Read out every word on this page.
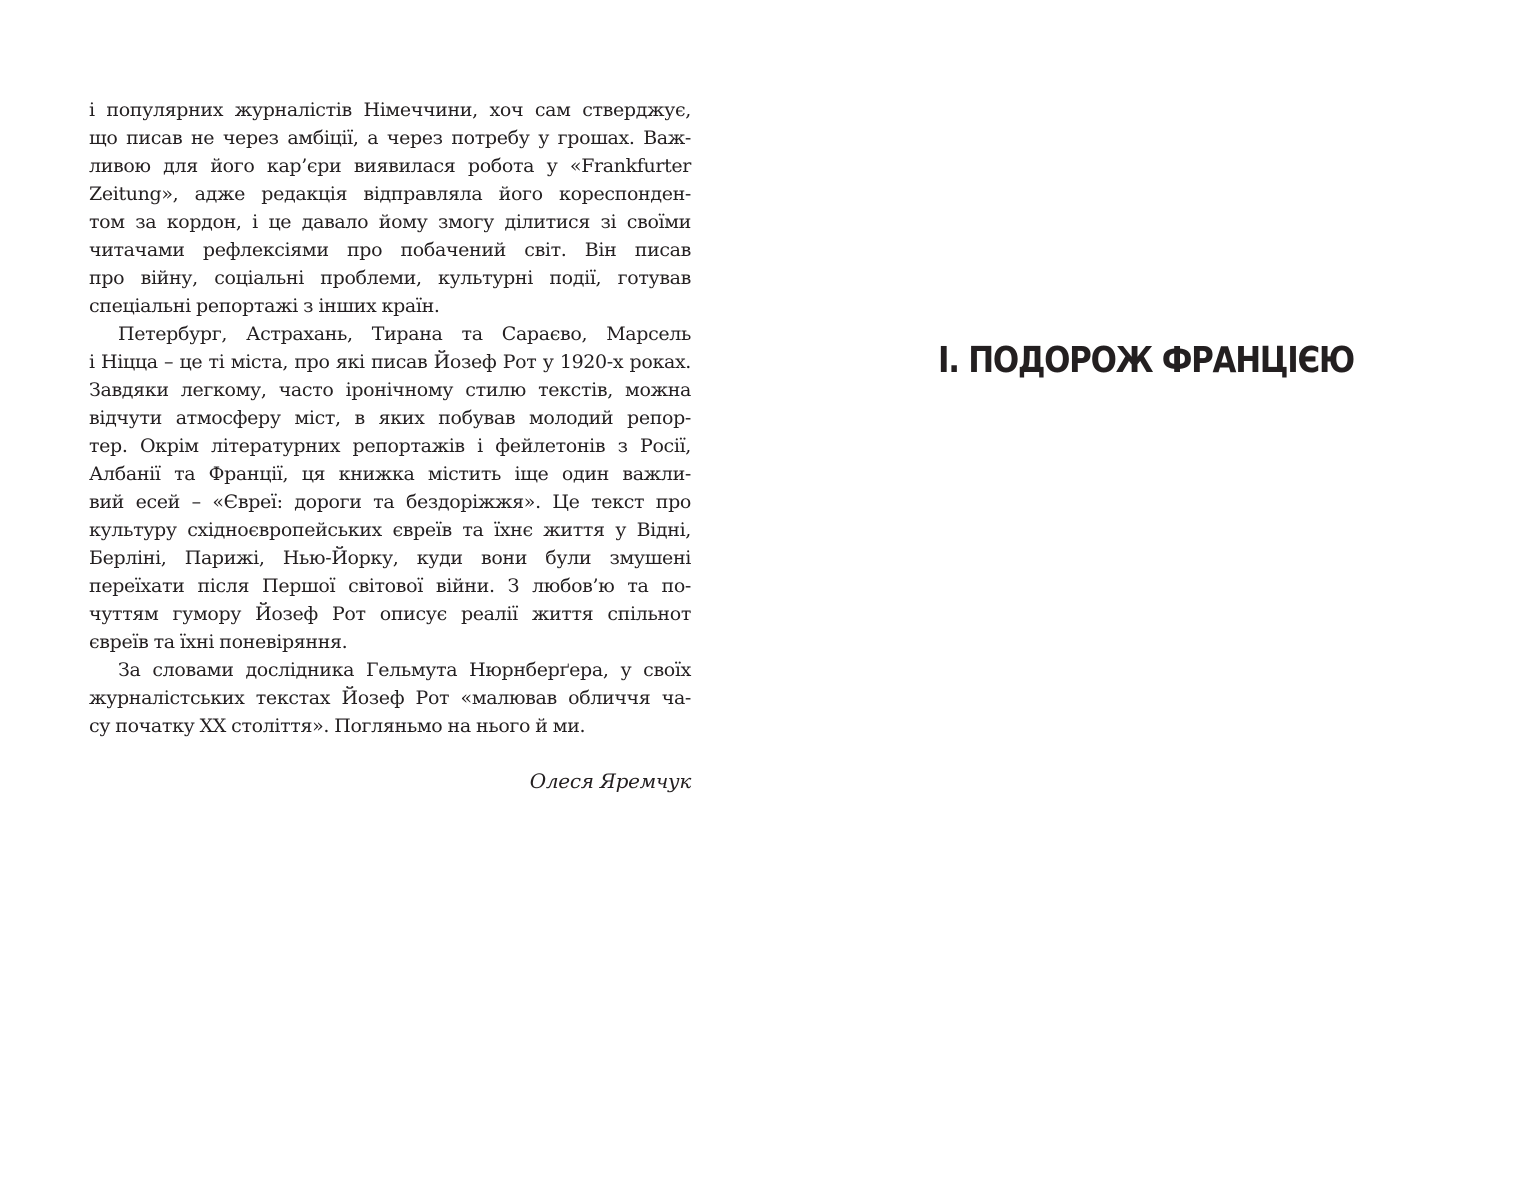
і популярних журналістів Німеччини, хоч сам стверджує,
що писав не через амбіції, а через потребу у грошах. Важ-
ливою для його кар’єри виявилася робота у «Frankfurter
Zeitung», адже редакція відправляла його кореспонден-
том за кордон, і це давало йому змогу ділитися зі своїми
читачами рефлексіями про побачений світ. Він писав
про війну, соціальні проблеми, культурні події, готував
спеціальні репортажі з інших країн.
Петербург, Астрахань, Тирана та Сараєво, Марсель
і Ніцца – це ті міста, про які писав Йозеф Рот у 1920-х роках.
Завдяки легкому, часто іронічному стилю текстів, можна
відчути атмосферу міст, в яких побував молодий репор-
тер. Окрім літературних репортажів і фейлетонів з Росії,
Албанії та Франції, ця книжка містить іще один важли-
вий есей – «Євреї: дороги та бездоріжжя». Це текст про
культуру східноєвропейських євреїв та їхнє життя у Відні,
Берліні, Парижі, Нью-Йорку, куди вони були змушені
переїхати після Першої світової війни. З любов’ю та по-
чуттям гумору Йозеф Рот описує реалії життя спільнот
євреїв та їхні поневіряння.
За словами дослідника Гельмута Нюрнберґера, у своїх
журналістських текстах Йозеф Рот «малював обличчя ча-
су початку ХХ століття». Погляньмо на нього й ми.
Олеся Яремчук
І. ПОДОРОЖ ФРАНЦІЄЮ
